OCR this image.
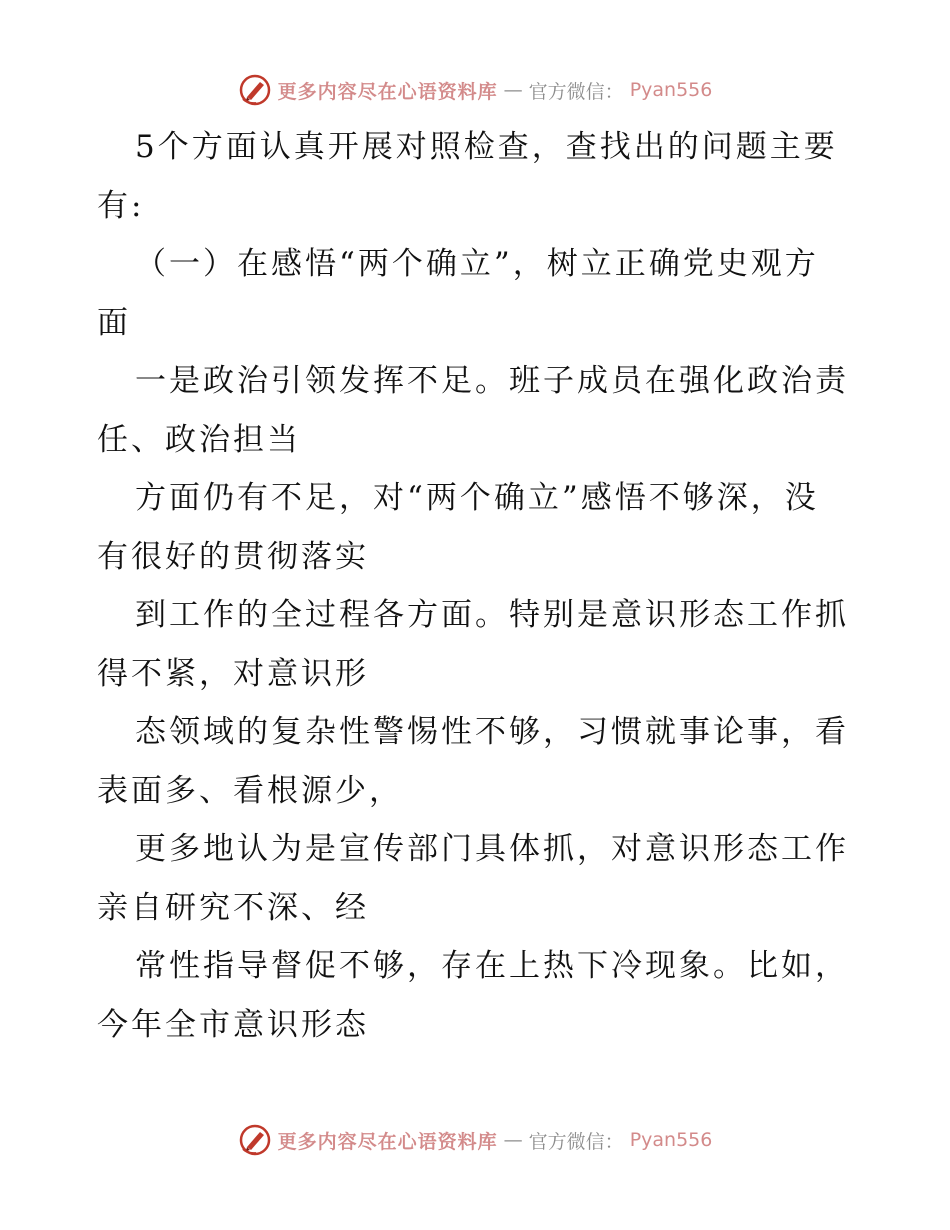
更多内容尽在心语资料库 — 官方微信： Pyan556
5个方面认真开展对照检查，查找出的问题主要
有:
（一）在感悟“两个确立”，树立正确党史观方
面
一是政治引领发挥不足。班子成员在强化政治责
任、政治担当
方面仍有不足，对“两个确立”感悟不够深，没
有很好的贯彻落实
到工作的全过程各方面。特别是意识形态工作抓
得不紧，对意识形
态领域的复杂性警惕性不够，习惯就事论事，看
表面多、看根源少，
更多地认为是宣传部门具体抓，对意识形态工作
亲自研究不深、经
常性指导督促不够，存在上热下冷现象。比如，
今年全市意识形态
更多内容尽在心语资料库 — 官方微信： Pyan556
